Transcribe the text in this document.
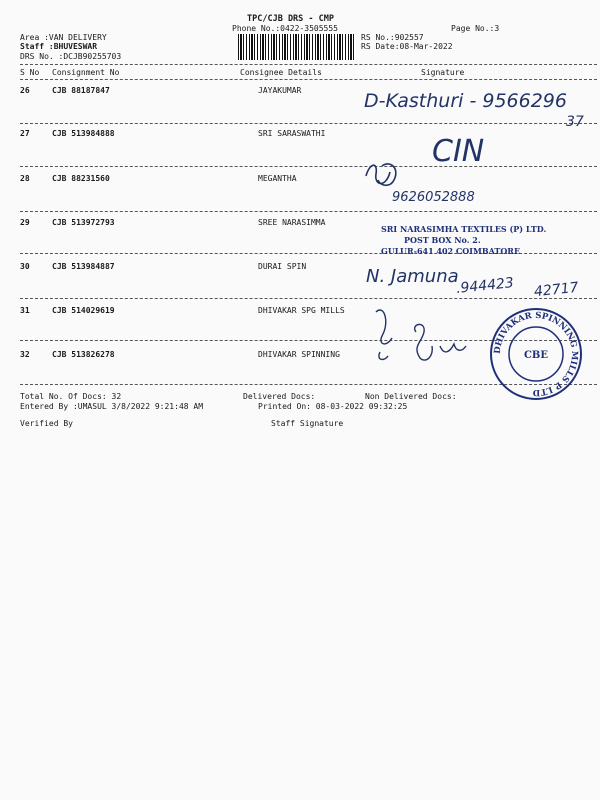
TPC/CJB DRS - CMP
Phone No.:0422-3505555	Page No.:3
Area :VAN DELIVERY
Staff :BHUVESWAR
DRS No. :DCJB90255703
RS No.:902557
RS Date:08-Mar-2022
S No Consignment No	Consignee Details	Signature
26	CJB 88187847	JAYAKUMAR
27	CJB 513984888	SRI SARASWATHI
28	CJB 88231560	MEGANTHA
29	CJB 513972793	SREE NARASIMMA
30	CJB 513984887	DURAI SPIN
31	CJB 514029619	DHIVAKAR SPG MILLS
32	CJB 513826278	DHIVAKAR SPINNING
D-Kasthuri - 9566296
37
CIN
9626052888
N. Jamuna
.944423 42717
SRI NARASIMHA TEXTILES (P) LTD.
POST BOX No. 2.
GULUR-641 402 COIMBATORE
DHIVAKAR SPINNING MILLS P LTD
CBE
Total No. Of Docs: 32	Delivered Docs:	Non Delivered Docs:
Entered By :UMASUL 3/8/2022 9:21:48 AM	Printed On: 08-03-2022 09:32:25
Verified By	Staff Signature
